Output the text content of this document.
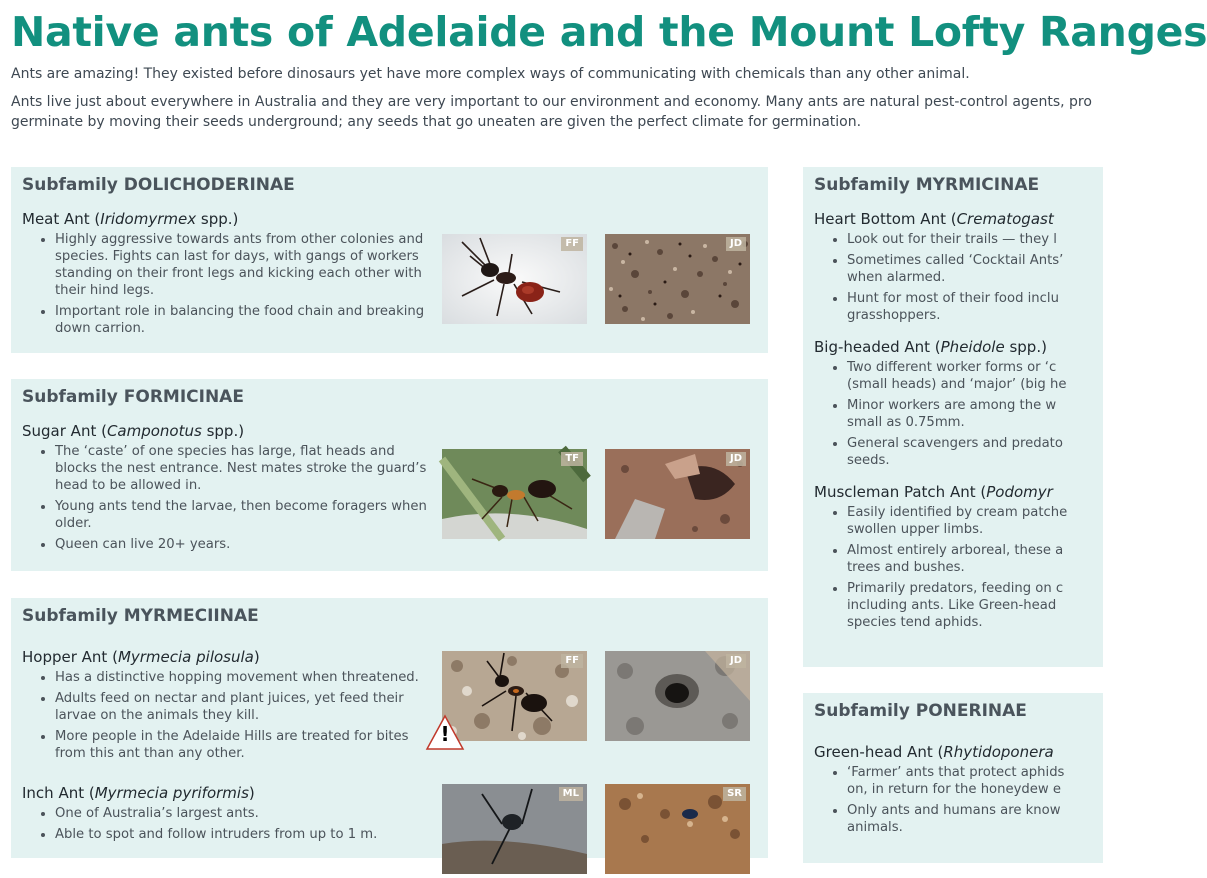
Native ants of Adelaide and the Mount Lofty Ranges

Ants are amazing! They existed before dinosaurs yet have more complex ways of communicating with chemicals than any other animal.

Ants live just about everywhere in Australia and they are very important to our environment and economy. Many ants are natural pest-control agents, pro

germinate by moving their seeds underground; any seeds that go uneaten are given the perfect climate for germination.

Subfamily DOLICHODERINAE
Meat Ant (Iridomyrmex spp.)
• Highly aggressive towards ants from other colonies and species. Fights can last for days, with gangs of workers standing on their front legs and kicking each other with their hind legs.
• Important role in balancing the food chain and breaking down carrion.
FF	JD
Subfamily FORMICINAE
Sugar Ant (Camponotus spp.)
• The ‘caste’ of one species has large, flat heads and blocks the nest entrance. Nest mates stroke the guard’s head to be allowed in.
• Young ants tend the larvae, then become foragers when older.
• Queen can live 20+ years.
TF	JD
Subfamily MYRMECIINAE
Hopper Ant (Myrmecia pilosula)
• Has a distinctive hopping movement when threatened.
• Adults feed on nectar and plant juices, yet feed their larvae on the animals they kill.
• More people in the Adelaide Hills are treated for bites from this ant than any other.
Inch Ant (Myrmecia pyriformis)
• One of Australia’s largest ants.
• Able to spot and follow intruders from up to 1 m.
FF	JD
!
ML	SR
Subfamily MYRMICINAE
Heart Bottom Ant (Crematogast
• Look out for their trails — they l
• Sometimes called ‘Cocktail Ants’
when alarmed.
• Hunt for most of their food inclu
grasshoppers.
Big-headed Ant (Pheidole spp.)
• Two different worker forms or ‘c
(small heads) and ‘major’ (big he
• Minor workers are among the w
small as 0.75mm.
• General scavengers and predato
seeds.
Muscleman Patch Ant (Podomyr
• Easily identified by cream patche
swollen upper limbs.
• Almost entirely arboreal, these a
trees and bushes.
• Primarily predators, feeding on c
including ants. Like Green-head
species tend aphids.
Subfamily PONERINAE
Green-head Ant (Rhytidoponera
• ‘Farmer’ ants that protect aphids
on, in return for the honeydew e
• Only ants and humans are know
animals.
